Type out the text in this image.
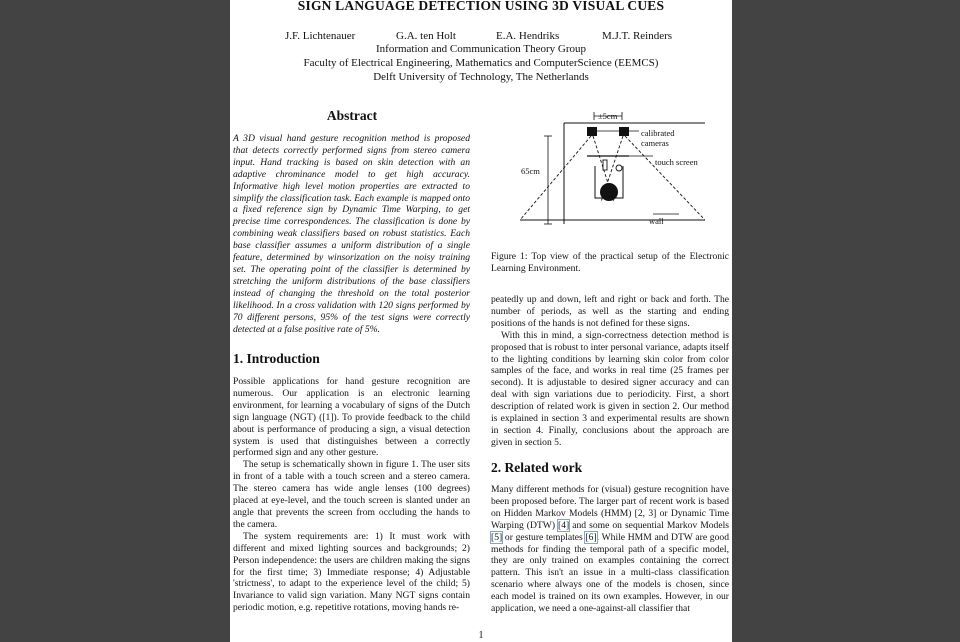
SIGN LANGUAGE DETECTION USING 3D VISUAL CUES
J.F. Lichtenauer	G.A. ten Holt	E.A. Hendriks	M.J.T. Reinders
Information and Communication Theory Group
Faculty of Electrical Engineering, Mathematics and ComputerScience (EEMCS)
Delft University of Technology, The Netherlands
Abstract
A 3D visual hand gesture recognition method is proposed that detects correctly performed signs from stereo camera input. Hand tracking is based on skin detection with an adaptive chrominance model to get high accuracy. Informative high level motion properties are extracted to simplify the classification task. Each example is mapped onto a fixed reference sign by Dynamic Time Warping, to get precise time correspondences. The classification is done by combining weak classifiers based on robust statistics. Each base classifier assumes a uniform distribution of a single feature, determined by winsorization on the noisy training set. The operating point of the classifier is determined by stretching the uniform distributions of the base classifiers instead of changing the threshold on the total posterior likelihood. In a cross validation with 120 signs performed by 70 different persons, 95% of the test signs were correctly detected at a false positive rate of 5%.
1. Introduction

Possible applications for hand gesture recognition are numerous. Our application is an electronic learning environment, for learning a vocabulary of signs of the Dutch sign language (NGT) ([1]). To provide feedback to the child about is performance of producing a sign, a visual detection system is used that distinguishes between a correctly performed sign and any other gesture.

The setup is schematically shown in figure 1. The user sits in front of a table with a touch screen and a stereo camera. The stereo camera has wide angle lenses (100 degrees) placed at eye-level, and the touch screen is slanted under an angle that prevents the screen from occluding the hands to the camera.

The system requirements are: 1) It must work with different and mixed lighting sources and backgrounds; 2) Person independence: the users are children making the signs for the first time; 3) Immediate response; 4) Adjustable 'strictness', to adapt to the experience level of the child; 5) Invariance to valid sign variation. Many NGT signs contain periodic motion, e.g. repetitive rotations, moving hands re-

±5cm
calibrated
cameras
65cm
touch screen
wall
Figure 1: Top view of the practical setup of the Electronic Learning Environment.

peatedly up and down, left and right or back and forth. The number of periods, as well as the starting and ending positions of the hands is not defined for these signs.

With this in mind, a sign-correctness detection method is proposed that is robust to inter personal variance, adapts itself to the lighting conditions by learning skin color from color samples of the face, and works in real time (25 frames per second). It is adjustable to desired signer accuracy and can deal with sign variations due to periodicity. First, a short description of related work is given in section 2. Our method is explained in section 3 and experimental results are shown in section 4. Finally, conclusions about the approach are given in section 5.

2. Related work

Many different methods for (visual) gesture recognition have been proposed before. The larger part of recent work is based on Hidden Markov Models (HMM) [2, 3] or Dynamic Time Warping (DTW) [4] and some on sequential Markov Models [5] or gesture templates [6]. While HMM and DTW are good methods for finding the temporal path of a specific model, they are only trained on examples containing the correct pattern. This isn't an issue in a multi-class classification scenario where always one of the models is chosen, since each model is trained on its own examples. However, in our application, we need a one-against-all classifier that

1
